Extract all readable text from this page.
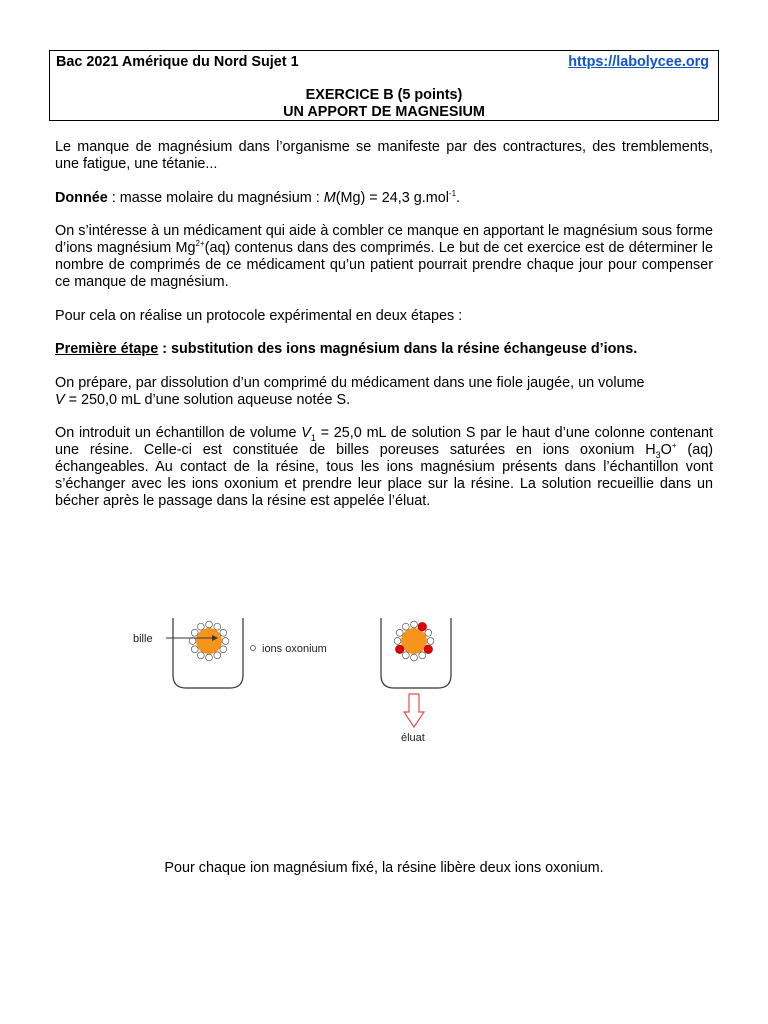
Bac 2021 Amérique du Nord Sujet 1	https://labolycee.org
EXERCICE B (5 points)
UN APPORT DE MAGNESIUM

Le manque de magnésium dans l’organisme se manifeste par des contractures, des tremblements, une fatigue, une tétanie...

Donnée : masse molaire du magnésium : M(Mg) = 24,3 g.mol$^{-1}$.

On s’intéresse à un médicament qui aide à combler ce manque en apportant le magnésium sous forme d’ions magnésium $Mg^{2+}(aq)$ contenus dans des comprimés. Le but de cet exercice est de déterminer le nombre de comprimés de ce médicament qu’un patient pourrait prendre chaque jour pour compenser ce manque de magnésium.

Pour cela on réalise un protocole expérimental en deux étapes :

Première étape : substitution des ions magnésium dans la résine échangeuse d’ions.

On prépare, par dissolution d’un comprimé du médicament dans une fiole jaugée, un volume
V = 250,0 mL d’une solution aqueuse notée S.

On introduit un échantillon de volume $V_1 = 25,0$ mL de solution S par le haut d’une colonne contenant une résine. Celle-ci est constituée de billes poreuses saturées en ions oxonium $H_3O^+$ (aq) échangeables. Au contact de la résine, tous les ions magnésium présents dans l’échantillon vont s’échanger avec les ions oxonium et prendre leur place sur la résine. La solution recueillie dans un bécher après le passage dans la résine est appelée l’éluat.

bille
ions oxonium
éluat
Pour chaque ion magnésium fixé, la résine libère deux ions oxonium.
